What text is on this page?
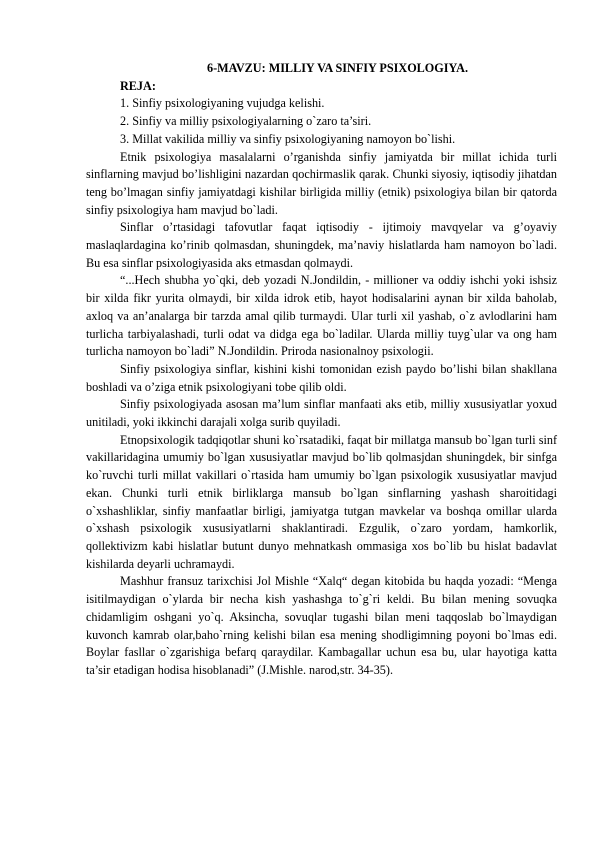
6-MAVZU: MILLIY VA SINFIY PSIXOLOGIYA.

REJA:

1. Sinfiy psixologiyaning vujudga kelishi.

2. Sinfiy va milliy psixologiyalarning o`zaro ta’siri.

3. Millat vakilida milliy va sinfiy psixologiyaning namoyon bo`lishi.

Etnik psixologiya masalalarni o’rganishda sinfiy jamiyatda bir millat ichida turli sinflarning mavjud bo’lishligini nazardan qochirmaslik qarak. Chunki siyosiy, iqtisodiy jihatdan teng bo’lmagan sinfiy jamiyatdagi kishilar birligida milliy (etnik) psixologiya bilan bir qatorda sinfiy psixologiya ham mavjud bo`ladi.

Sinflar o’rtasidagi tafovutlar faqat iqtisodiy - ijtimoiy mavqyelar va g’oyaviy maslaqlardagina ko’rinib qolmasdan, shuningdek, ma’naviy hislatlarda ham namoyon bo`ladi. Bu esa sinflar psixologiyasida aks etmasdan qolmaydi.

“...Hech shubha yo`qki, deb yozadi N.Jondildin, - millioner va oddiy ishchi yoki ishsiz bir xilda fikr yurita olmaydi, bir xilda idrok etib, hayot hodisalarini aynan bir xilda baholab, axloq va an’analarga bir tarzda amal qilib turmaydi. Ular turli xil yashab, o`z avlodlarini ham turlicha tarbiyalashadi, turli odat va didga ega bo`ladilar. Ularda milliy tuyg`ular va ong ham turlicha namoyon bo`ladi” N.Jondildin. Priroda nasionalnoy psixologii.

Sinfiy psixologiya sinflar, kishini kishi tomonidan ezish paydo bo’lishi bilan shakllana boshladi va o’ziga etnik psixologiyani tobe qilib oldi.

Sinfiy psixologiyada asosan ma’lum sinflar manfaati aks etib, milliy xususiyatlar yoxud unitiladi, yoki ikkinchi darajali xolga surib quyiladi.

Etnopsixologik tadqiqotlar shuni ko`rsatadiki, faqat bir millatga mansub bo`lgan turli sinf vakillaridagina umumiy bo`lgan xususiyatlar mavjud bo`lib qolmasjdan shuningdek, bir sinfga ko`ruvchi turli millat vakillari o`rtasida ham umumiy bo`lgan psixologik xususiyatlar mavjud ekan. Chunki turli etnik birliklarga mansub bo`lgan sinflarning yashash sharoitidagi o`xshashliklar, sinfiy manfaatlar birligi, jamiyatga tutgan mavkelar va boshqa omillar ularda o`xshash psixologik xususiyatlarni shaklantiradi. Ezgulik, o`zaro yordam, hamkorlik, qollektivizm kabi hislatlar butunt dunyo mehnatkash ommasiga xos bo`lib bu hislat badavlat kishilarda deyarli uchramaydi.

Mashhur fransuz tarixchisi Jol Mishle “Xalq“ degan kitobida bu haqda yozadi: “Menga isitilmaydigan o`ylarda bir necha kish yashashga to`g`ri keldi. Bu bilan mening sovuqka chidamligim oshgani yo`q. Aksincha, sovuqlar tugashi bilan meni taqqoslab bo`lmaydigan kuvonch kamrab olar,baho`rning kelishi bilan esa mening shodligimning poyoni bo`lmas edi. Boylar fasllar o`zgarishiga befarq qaraydilar. Kambagallar uchun esa bu, ular hayotiga katta ta’sir etadigan hodisa hisoblanadi” (J.Mishle. narod,str. 34-35).
